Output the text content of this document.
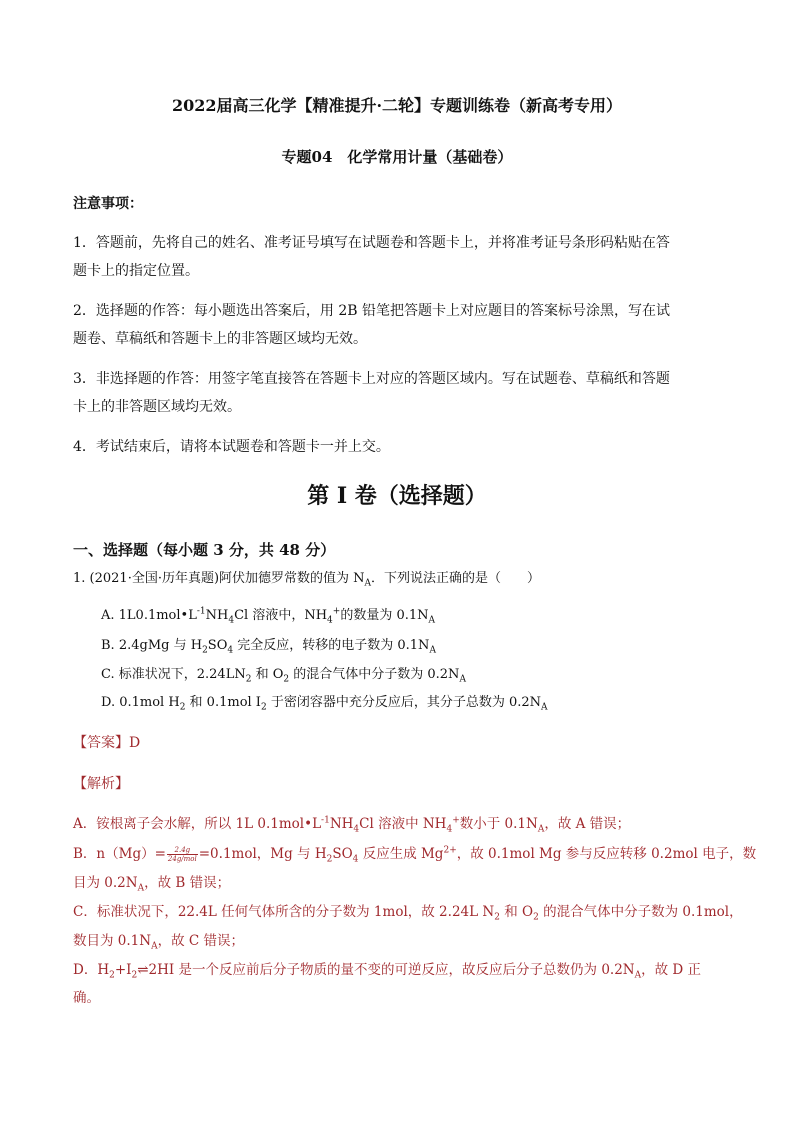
2022届高三化学【精准提升·二轮】专题训练卷（新高考专用）
专题04　化学常用计量（基础卷）
注意事项：
1．答题前，先将自己的姓名、准考证号填写在试题卷和答题卡上，并将准考证号条形码粘贴在答
题卡上的指定位置。
2．选择题的作答：每小题选出答案后，用 2B 铅笔把答题卡上对应题目的答案标号涂黑，写在试
题卷、草稿纸和答题卡上的非答题区域均无效。
3．非选择题的作答：用签字笔直接答在答题卡上对应的答题区域内。写在试题卷、草稿纸和答题
卡上的非答题区域均无效。
4．考试结束后，请将本试题卷和答题卡一并上交。
第 I 卷（选择题）
一、选择题（每小题 3 分，共 48 分）
1. (2021·全国·历年真题)阿伏加德罗常数的值为 $N_A$．下列说法正确的是（　　）
A. $1L0.1mol•L^{-1}NH_4Cl$ 溶液中，$NH_4^+$的数量为 $0.1N_A$
B. 2.4gMg 与 $H_2SO_4$ 完全反应，转移的电子数为 $0.1N_A$
C. 标准状况下，$2.24LN_2$ 和 $O_2$ 的混合气体中分子数为 $0.2N_A$
D. 0.1mol $H_2$ 和 0.1mol $I_2$ 于密闭容器中充分反应后，其分子总数为 $0.2N_A$
【答案】D
【解析】
A．铵根离子会水解，所以 1L $0.1mol•L^{-1}NH_4Cl$ 溶液中 $NH_4^+$数小于 $0.1N_A$，故 A 错误；
B．$n(Mg)= \frac{2.4g}{\text{24g/mol}} =0.1mol$，Mg 与 $H_2SO_4$ 反应生成 $Mg^{2+}$，故 0.1mol Mg 参与反应转移 0.2mol 电子，数
目为 $0.2N_A$，故 B 错误；
C．标准状况下，22.4L 任何气体所含的分子数为 1mol，故 2.24L $N_2$ 和 $O_2$ 的混合气体中分子数为 0.1mol，
数目为 $0.1N_A$，故 C 错误；
D．$H_2+I_2\rightleftharpoons 2HI$ 是一个反应前后分子物质的量不变的可逆反应，故反应后分子总数仍为 $0.2N_A$，故 D 正
确。
